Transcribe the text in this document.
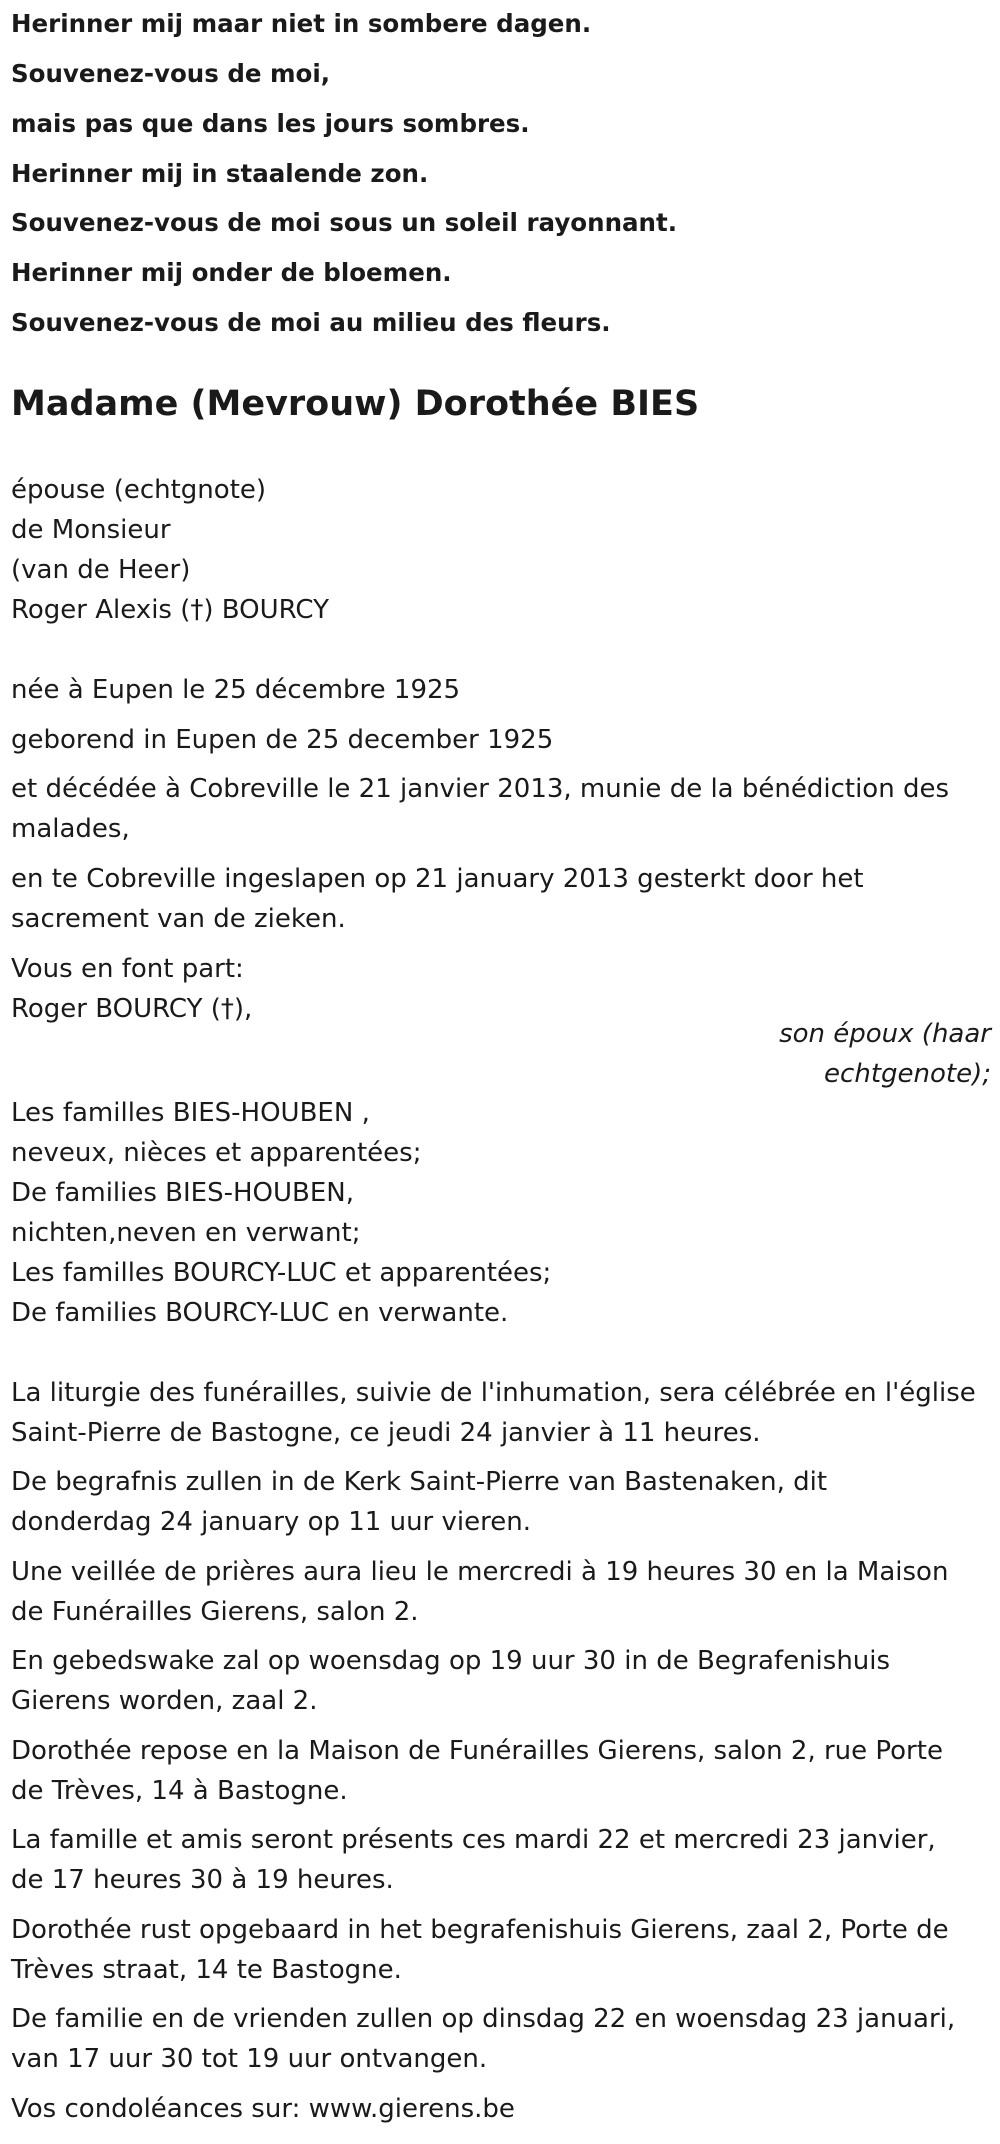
Herinner mij maar niet in sombere dagen.
Souvenez-vous de moi,
mais pas que dans les jours sombres.
Herinner mij in staalende zon.
Souvenez-vous de moi sous un soleil rayonnant.
Herinner mij onder de bloemen.
Souvenez-vous de moi au milieu des fleurs.
Madame (Mevrouw) Dorothée BIES
épouse (echtgnote)
de Monsieur
(van de Heer)
Roger Alexis (†) BOURCY
née à Eupen le 25 décembre 1925
geborend in Eupen de 25 december 1925
et décédée à Cobreville le 21 janvier 2013, munie de la bénédiction des
malades,
en te Cobreville ingeslapen op 21 january 2013 gesterkt door het
sacrement van de zieken.
Vous en font part:
Roger BOURCY (†),
son époux (haar
echtgenote);
Les familles BIES-HOUBEN ,
neveux, nièces et apparentées;
De families BIES-HOUBEN,
nichten,neven en verwant;
Les familles BOURCY-LUC et apparentées;
De families BOURCY-LUC en verwante.
La liturgie des funérailles, suivie de l'inhumation, sera célébrée en l'église
Saint-Pierre de Bastogne, ce jeudi 24 janvier à 11 heures.
De begrafnis zullen in de Kerk Saint-Pierre van Bastenaken, dit
donderdag 24 january op 11 uur vieren.
Une veillée de prières aura lieu le mercredi à 19 heures 30 en la Maison
de Funérailles Gierens, salon 2.
En gebedswake zal op woensdag op 19 uur 30 in de Begrafenishuis
Gierens worden, zaal 2.
Dorothée repose en la Maison de Funérailles Gierens, salon 2, rue Porte
de Trèves, 14 à Bastogne.
La famille et amis seront présents ces mardi 22 et mercredi 23 janvier,
de 17 heures 30 à 19 heures.
Dorothée rust opgebaard in het begrafenishuis Gierens, zaal 2, Porte de
Trèves straat, 14 te Bastogne.
De familie en de vrienden zullen op dinsdag 22 en woensdag 23 januari,
van 17 uur 30 tot 19 uur ontvangen.
Vos condoléances sur: www.gierens.be
